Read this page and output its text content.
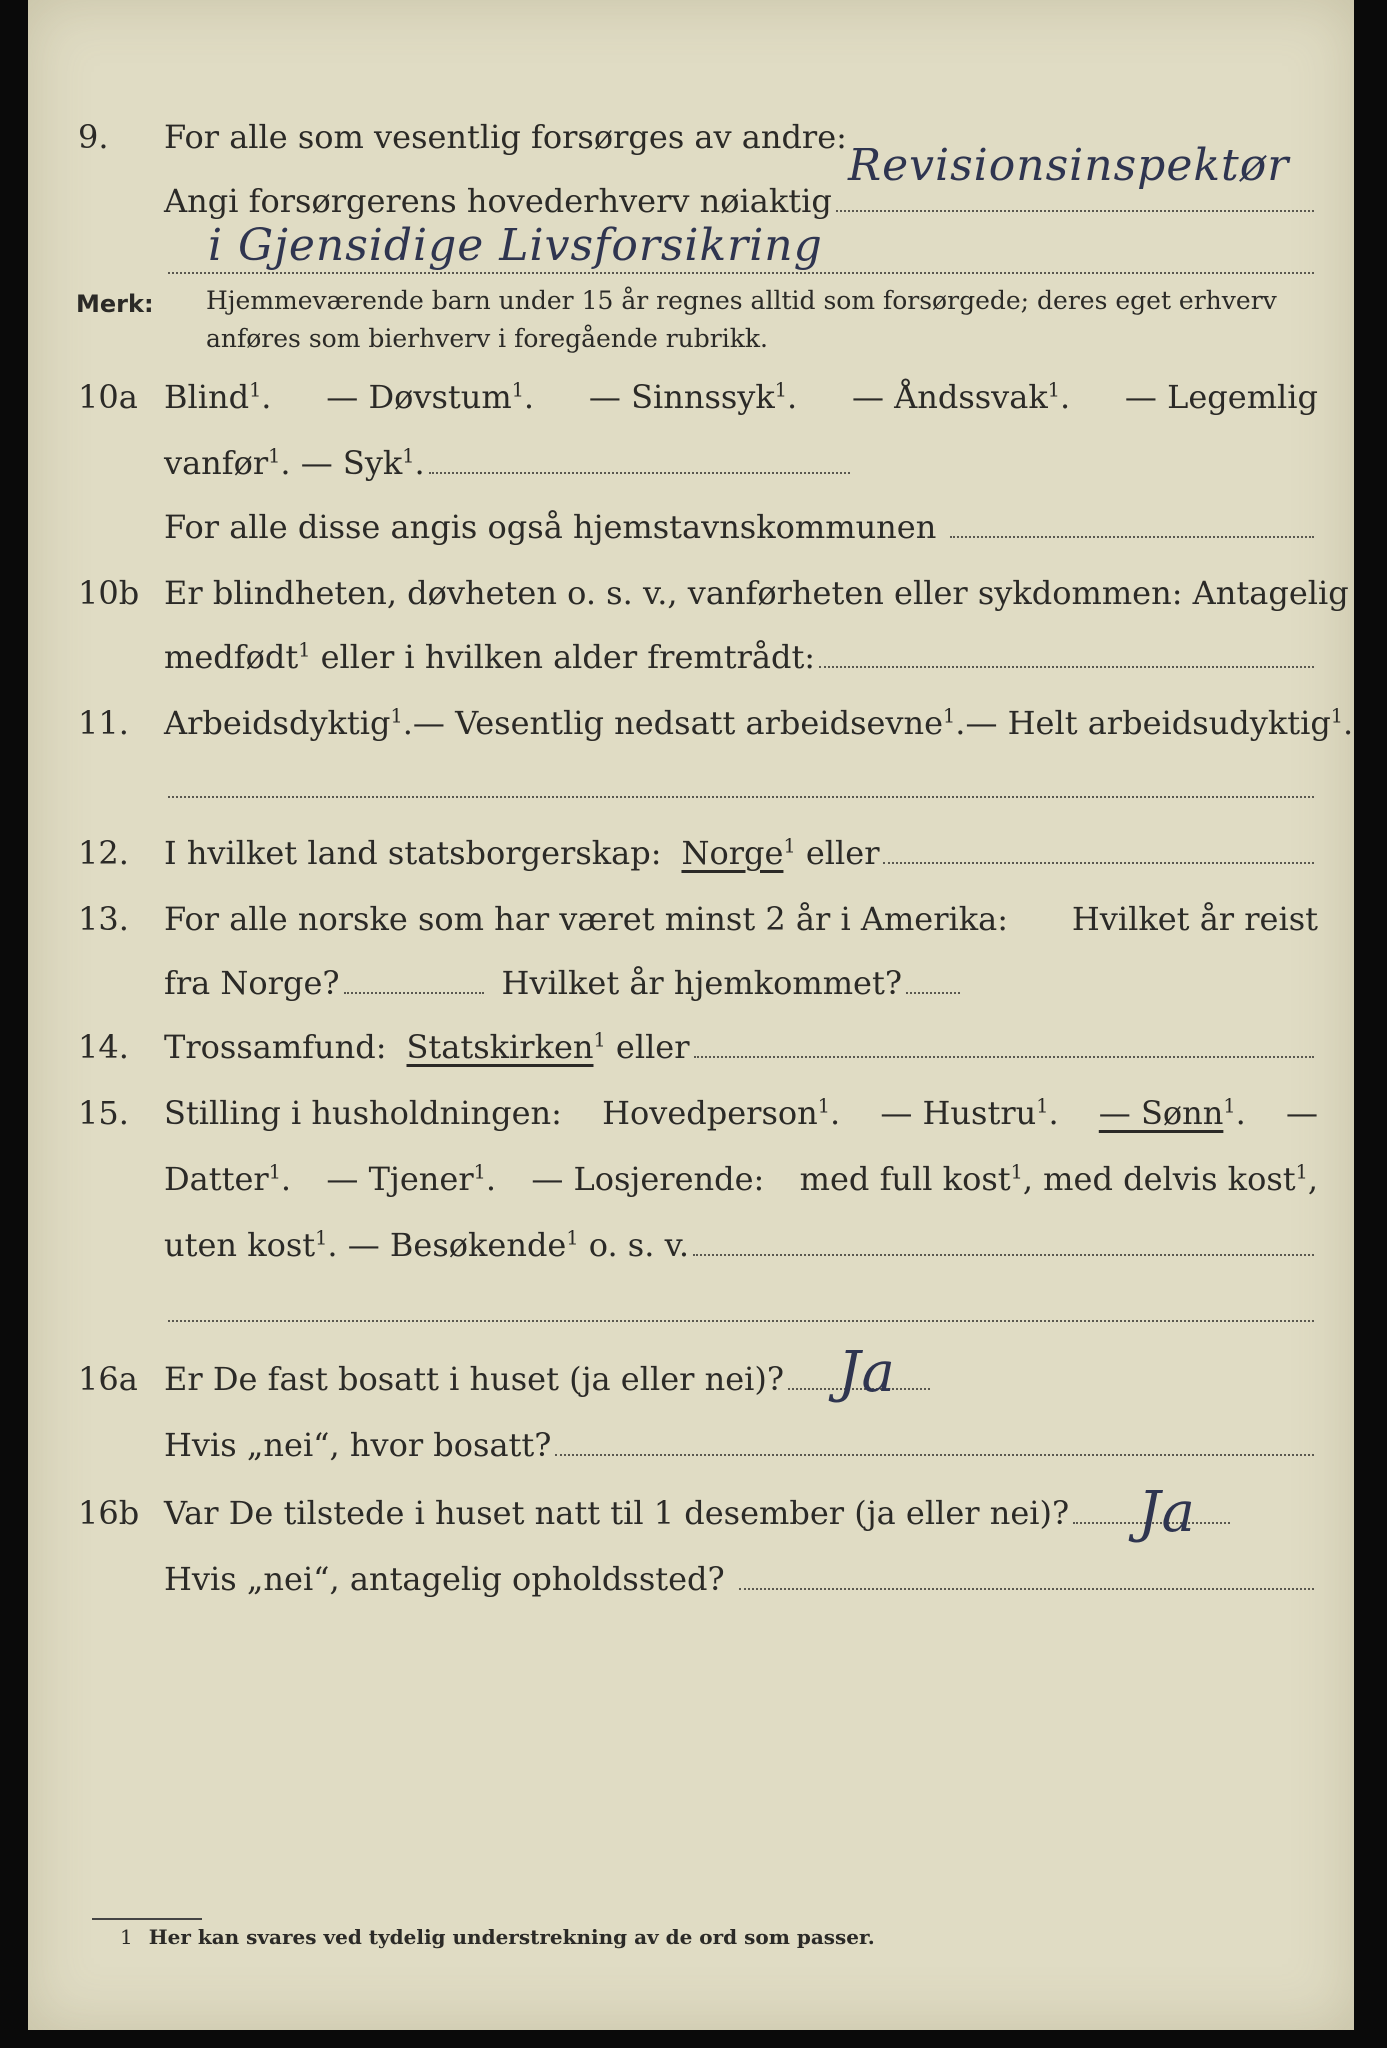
9. For alle som vesentlig forsørges av andre:
Angi forsørgerens hovederhverv nøiaktig
Revisionsinspektør
i Gjensidige Livsforsikring
Merk: Hjemmeværende barn under 15 år regnes alltid som forsørgede; deres eget erhverv
anføres som bierhverv i foregående rubrikk.
10a Blind$^1$. — Døvstum$^1$. — Sinnssyk$^1$. — Åndssvak$^1$. — Legemlig
vanfør$^1$. — Syk$^1$.
For alle disse angis også hjemstavnskommunen
10b Er blindheten, døvheten o. s. v., vanførheten eller sykdommen: Antagelig
medfødt$^1$ eller i hvilken alder fremtrådt:
11. Arbeidsdyktig$^1$. — Vesentlig nedsatt arbeidsevne$^1$. — Helt arbeidsudyktig$^1$.
12. I hvilket land statsborgerskap: Norge$^1$ eller
13. For alle norske som har været minst 2 år i Amerika: Hvilket år reist
fra Norge?	Hvilket år hjemkommet?
14. Trossamfund: Statskirken$^1$ eller
15. Stilling i husholdningen: Hovedperson$^1$. — Hustru$^1$. — Sønn$^1$. —
Datter$^1$. — Tjener$^1$. — Losjerende: med full kost$^1$, med delvis kost$^1$,
uten kost$^1$. — Besøkende$^1$ o. s. v.
16a Er De fast bosatt i huset (ja eller nei)? Ja
Hvis „nei“, hvor bosatt?
16b Var De tilstede i huset natt til 1 desember (ja eller nei)? Ja
Hvis „nei“, antagelig opholdssted?
1 Her kan svares ved tydelig understrekning av de ord som passer.
